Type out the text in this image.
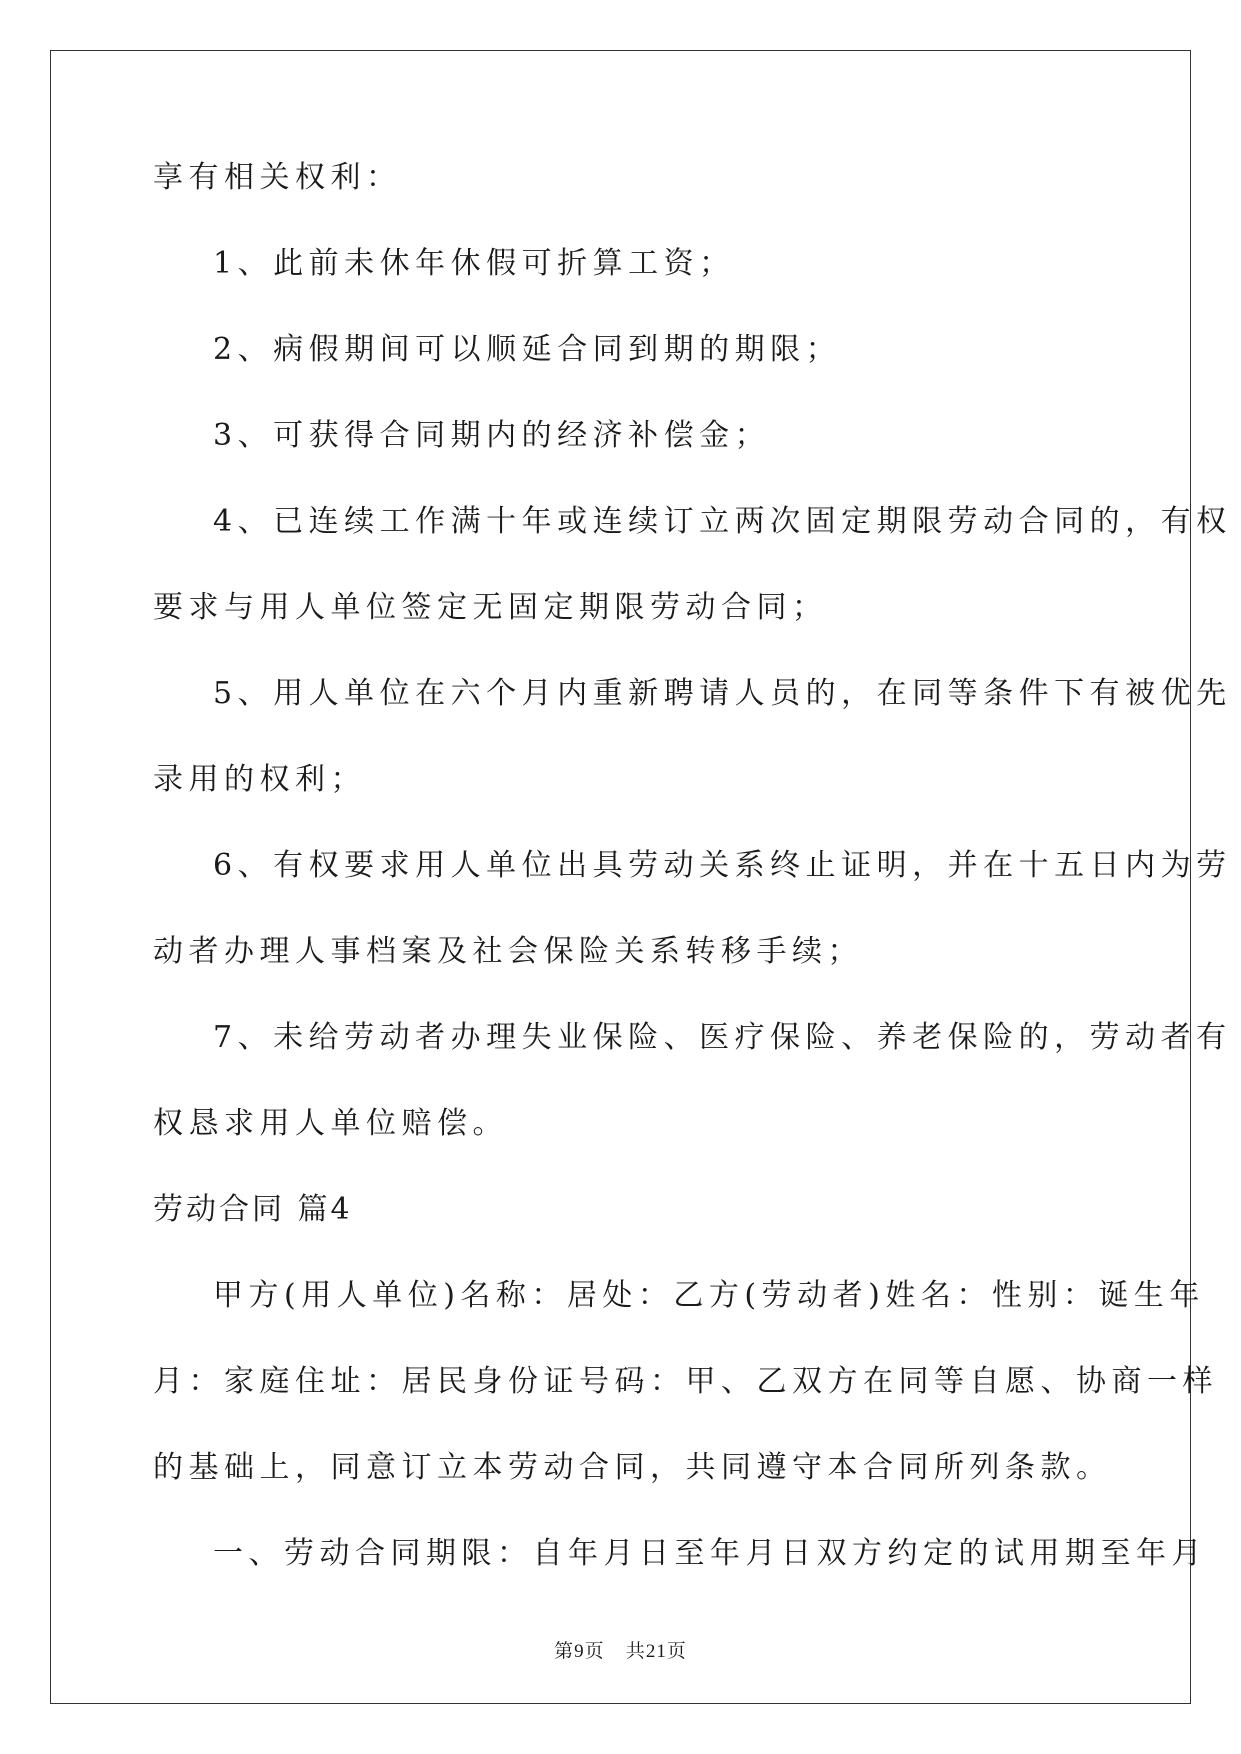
享有相关权利：

1、此前未休年休假可折算工资；

2、病假期间可以顺延合同到期的期限；

3、可获得合同期内的经济补偿金；

4、已连续工作满十年或连续订立两次固定期限劳动合同的，有权

要求与用人单位签定无固定期限劳动合同；

5、用人单位在六个月内重新聘请人员的，在同等条件下有被优先

录用的权利；

6、有权要求用人单位出具劳动关系终止证明，并在十五日内为劳

动者办理人事档案及社会保险关系转移手续；

7、未给劳动者办理失业保险、医疗保险、养老保险的，劳动者有

权恳求用人单位赔偿。

劳动合同 篇4

甲方(用人单位)名称：居处：乙方(劳动者)姓名：性别：诞生年

月：家庭住址：居民身份证号码：甲、乙双方在同等自愿、协商一样

的基础上，同意订立本劳动合同，共同遵守本合同所列条款。

一、劳动合同期限：自年月日至年月日双方约定的试用期至年月

第9页 共21页
